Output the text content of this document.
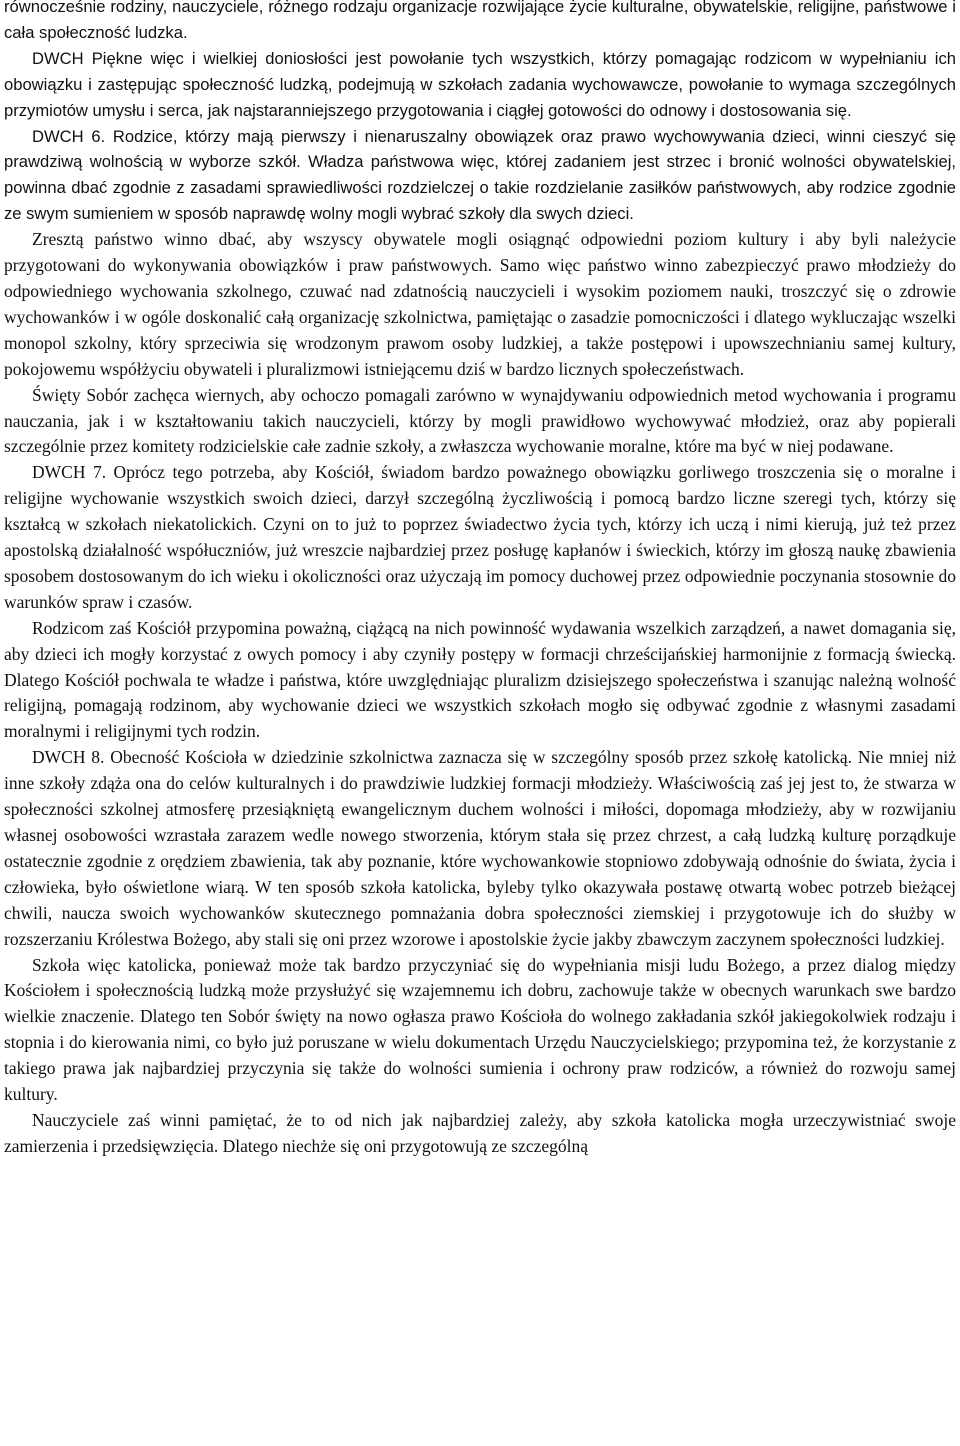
równocześnie rodziny, nauczyciele, różnego rodzaju organizacje rozwijające życie kulturalne, obywatelskie, religijne, państwowe i cała społeczność ludzka.

DWCH Piękne więc i wielkiej doniosłości jest powołanie tych wszystkich, którzy pomagając rodzicom w wypełnianiu ich obowiązku i zastępując społeczność ludzką, podejmują w szkołach zadania wychowawcze, powołanie to wymaga szczególnych przymiotów umysłu i serca, jak najstaranniejszego przygotowania i ciągłej gotowości do odnowy i dostosowania się.

DWCH 6. Rodzice, którzy mają pierwszy i nienaruszalny obowiązek oraz prawo wychowywania dzieci, winni cieszyć się prawdziwą wolnością w wyborze szkół. Władza państwowa więc, której zadaniem jest strzec i bronić wolności obywatelskiej, powinna dbać zgodnie z zasadami sprawiedliwości rozdzielczej o takie rozdzielanie zasiłków państwowych, aby rodzice zgodnie ze swym sumieniem w sposób naprawdę wolny mogli wybrać szkoły dla swych dzieci.

Zresztą państwo winno dbać, aby wszyscy obywatele mogli osiągnąć odpowiedni poziom kultury i aby byli należycie przygotowani do wykonywania obowiązków i praw państwowych. Samo więc państwo winno zabezpieczyć prawo młodzieży do odpowiedniego wychowania szkolnego, czuwać nad zdatnością nauczycieli i wysokim poziomem nauki, troszczyć się o zdrowie wychowanków i w ogóle doskonalić całą organizację szkolnictwa, pamiętając o zasadzie pomocniczości i dlatego wykluczając wszelki monopol szkolny, który sprzeciwia się wrodzonym prawom osoby ludzkiej, a także postępowi i upowszechnianiu samej kultury, pokojowemu współżyciu obywateli i pluralizmowi istniejącemu dziś w bardzo licznych społeczeństwach.

Święty Sobór zachęca wiernych, aby ochoczo pomagali zarówno w wynajdywaniu odpowiednich metod wychowania i programu nauczania, jak i w kształtowaniu takich nauczycieli, którzy by mogli prawidłowo wychowywać młodzież, oraz aby popierali szczególnie przez komitety rodzicielskie całe zadnie szkoły, a zwłaszcza wychowanie moralne, które ma być w niej podawane.

DWCH 7. Oprócz tego potrzeba, aby Kościół, świadom bardzo poważnego obowiązku gorliwego troszczenia się o moralne i religijne wychowanie wszystkich swoich dzieci, darzył szczególną życzliwością i pomocą bardzo liczne szeregi tych, którzy się kształcą w szkołach niekatolickich. Czyni on to już to poprzez świadectwo życia tych, którzy ich uczą i nimi kierują, już też przez apostolską działalność współuczniów, już wreszcie najbardziej przez posługę kapłanów i świeckich, którzy im głoszą naukę zbawienia sposobem dostosowanym do ich wieku i okoliczności oraz użyczają im pomocy duchowej przez odpowiednie poczynania stosownie do warunków spraw i czasów.

Rodzicom zaś Kościół przypomina poważną, ciążącą na nich powinność wydawania wszelkich zarządzeń, a nawet domagania się, aby dzieci ich mogły korzystać z owych pomocy i aby czyniły postępy w formacji chrześcijańskiej harmonijnie z formacją świecką. Dlatego Kościół pochwala te władze i państwa, które uwzględniając pluralizm dzisiejszego społeczeństwa i szanując należną wolność religijną, pomagają rodzinom, aby wychowanie dzieci we wszystkich szkołach mogło się odbywać zgodnie z własnymi zasadami moralnymi i religijnymi tych rodzin.

DWCH 8. Obecność Kościoła w dziedzinie szkolnictwa zaznacza się w szczególny sposób przez szkołę katolicką. Nie mniej niż inne szkoły zdąża ona do celów kulturalnych i do prawdziwie ludzkiej formacji młodzieży. Właściwością zaś jej jest to, że stwarza w społeczności szkolnej atmosferę przesiąkniętą ewangelicznym duchem wolności i miłości, dopomaga młodzieży, aby w rozwijaniu własnej osobowości wzrastała zarazem wedle nowego stworzenia, którym stała się przez chrzest, a całą ludzką kulturę porządkuje ostatecznie zgodnie z orędziem zbawienia, tak aby poznanie, które wychowankowie stopniowo zdobywają odnośnie do świata, życia i człowieka, było oświetlone wiarą. W ten sposób szkoła katolicka, byleby tylko okazywała postawę otwartą wobec potrzeb bieżącej chwili, naucza swoich wychowanków skutecznego pomnażania dobra społeczności ziemskiej i przygotowuje ich do służby w rozszerzaniu Królestwa Bożego, aby stali się oni przez wzorowe i apostolskie życie jakby zbawczym zaczynem społeczności ludzkiej.

Szkoła więc katolicka, ponieważ może tak bardzo przyczyniać się do wypełniania misji ludu Bożego, a przez dialog między Kościołem i społecznością ludzką może przysłużyć się wzajemnemu ich dobru, zachowuje także w obecnych warunkach swe bardzo wielkie znaczenie. Dlatego ten Sobór święty na nowo ogłasza prawo Kościoła do wolnego zakładania szkół jakiegokolwiek rodzaju i stopnia i do kierowania nimi, co było już poruszane w wielu dokumentach Urzędu Nauczycielskiego; przypomina też, że korzystanie z takiego prawa jak najbardziej przyczynia się także do wolności sumienia i ochrony praw rodziców, a również do rozwoju samej kultury.

Nauczyciele zaś winni pamiętać, że to od nich jak najbardziej zależy, aby szkoła katolicka mogła urzeczywistniać swoje zamierzenia i przedsięwzięcia. Dlatego niechże się oni przygotowują ze szczególną
